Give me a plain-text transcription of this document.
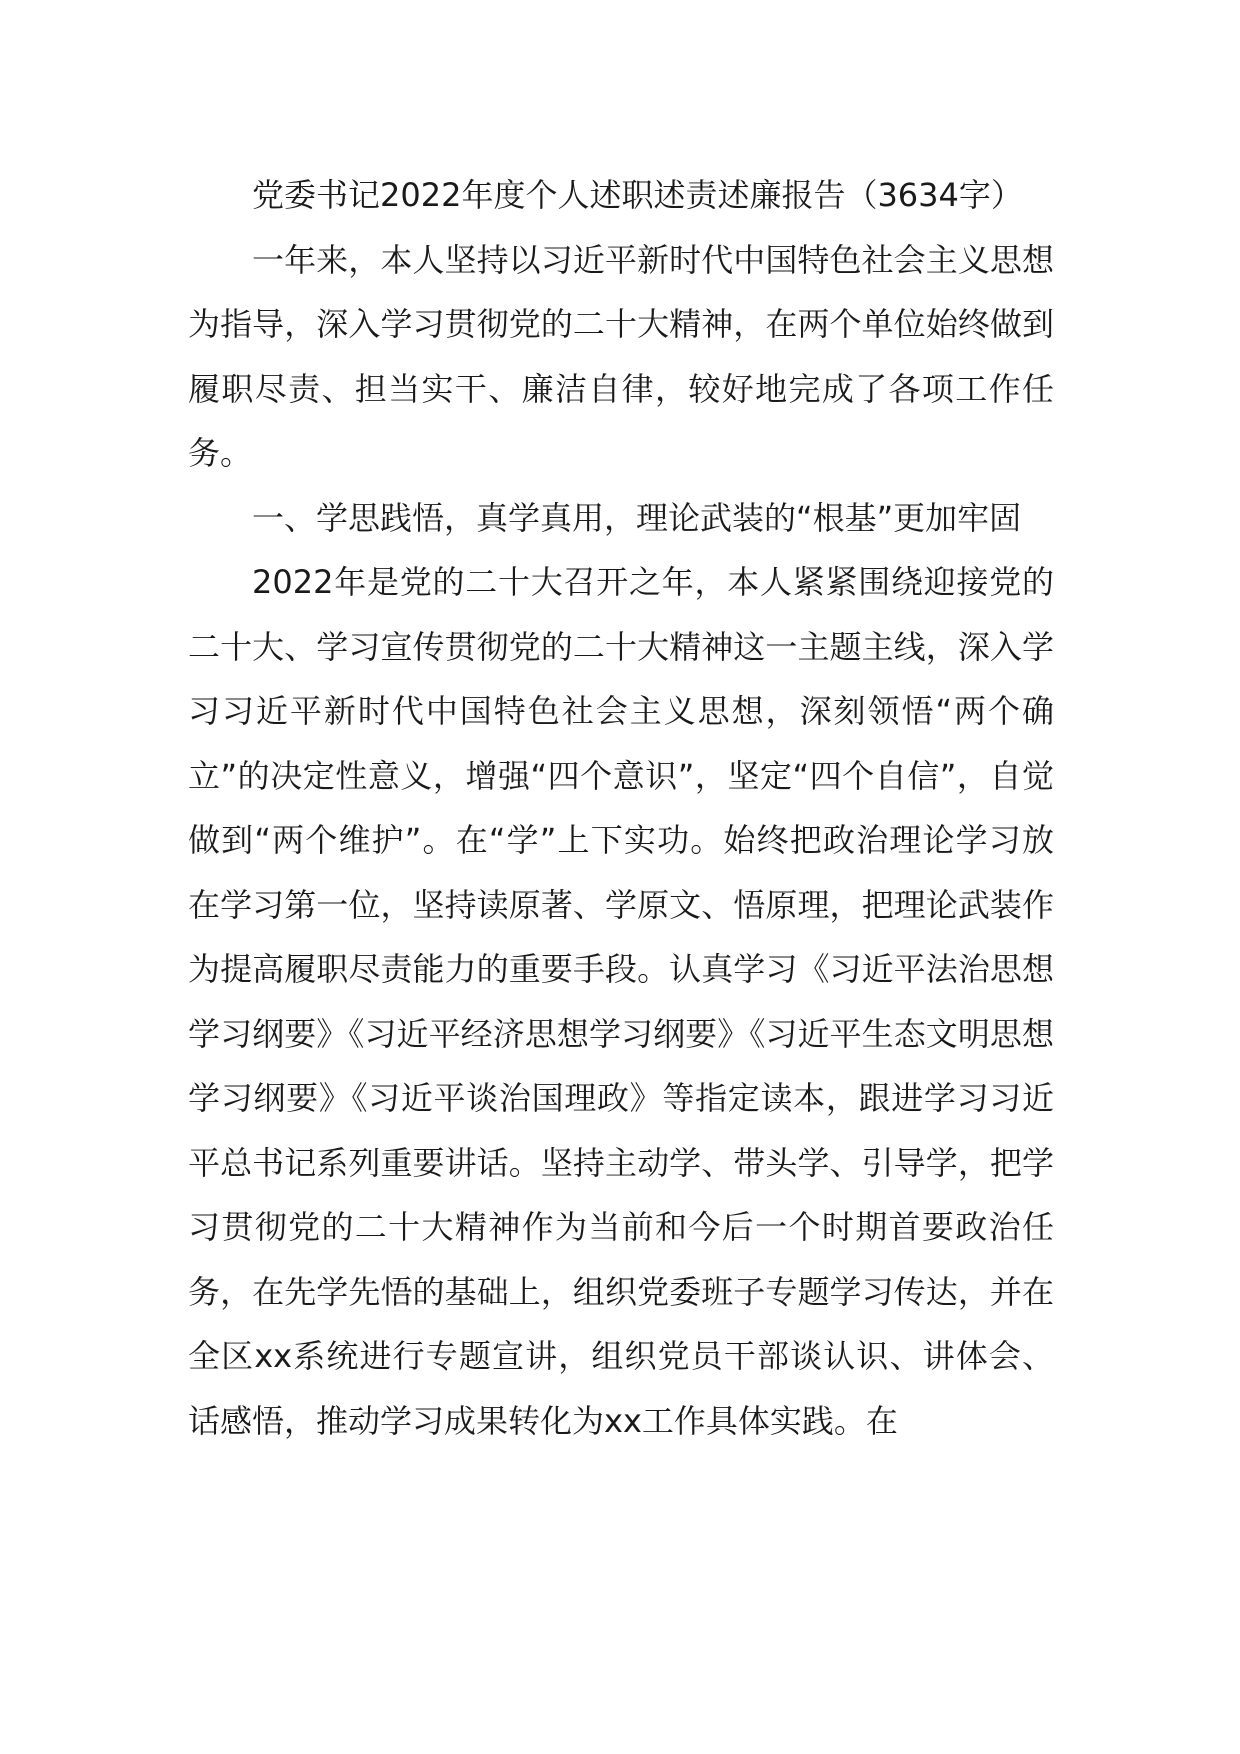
党委书记2022年度个人述职述责述廉报告（3634字）

一年来，本人坚持以习近平新时代中国特色社会主义思想为指导，深入学习贯彻党的二十大精神，在两个单位始终做到履职尽责、担当实干、廉洁自律，较好地完成了各项工作任务。

一、学思践悟，真学真用，理论武装的“根基”更加牢固

2022年是党的二十大召开之年，本人紧紧围绕迎接党的二十大、学习宣传贯彻党的二十大精神这一主题主线，深入学习习近平新时代中国特色社会主义思想，深刻领悟“两个确立”的决定性意义，增强“四个意识”，坚定“四个自信”，自觉做到“两个维护”。在“学”上下实功。始终把政治理论学习放在学习第一位，坚持读原著、学原文、悟原理，把理论武装作为提高履职尽责能力的重要手段。认真学习《习近平法治思想学习纲要》《习近平经济思想学习纲要》《习近平生态文明思想学习纲要》《习近平谈治国理政》等指定读本，跟进学习习近平总书记系列重要讲话。坚持主动学、带头学、引导学，把学习贯彻党的二十大精神作为当前和今后一个时期首要政治任务，在先学先悟的基础上，组织党委班子专题学习传达，并在全区xx系统进行专题宣讲，组织党员干部谈认识、讲体会、话感悟，推动学习成果转化为xx工作具体实践。在
